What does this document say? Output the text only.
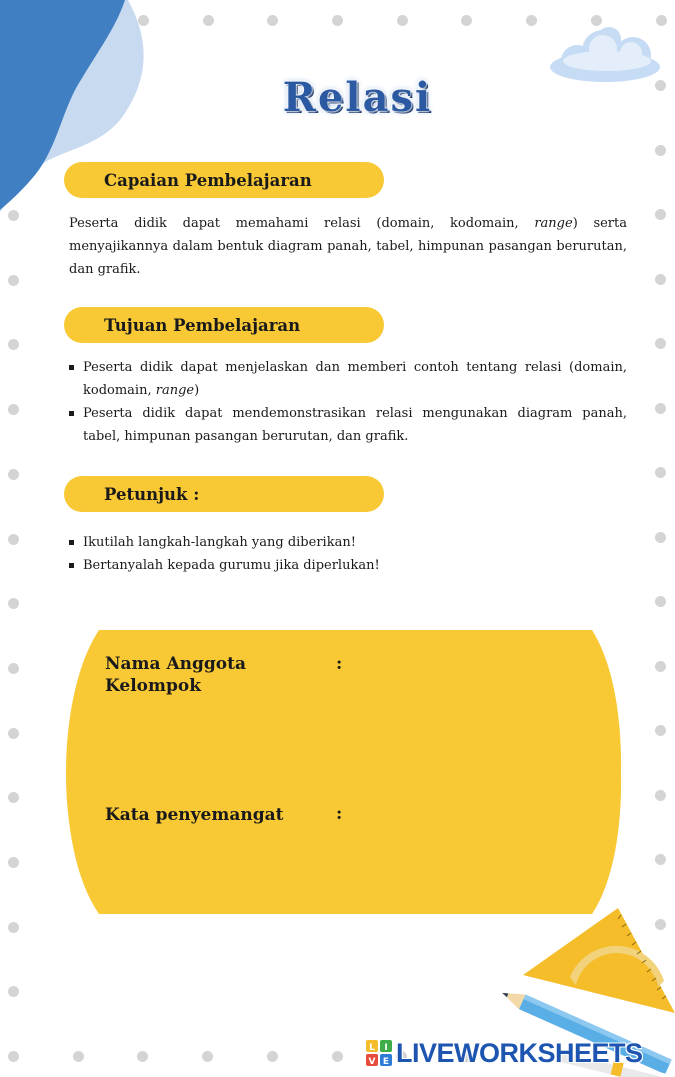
Relasi
Capaian Pembelajaran
Peserta didik dapat memahami relasi (domain, kodomain, range) serta menyajikannya dalam bentuk diagram panah, tabel, himpunan pasangan berurutan, dan grafik.
Tujuan Pembelajaran
Peserta didik dapat menjelaskan dan memberi contoh tentang relasi (domain, kodomain, range)
Peserta didik dapat mendemonstrasikan relasi mengunakan diagram panah, tabel, himpunan pasangan berurutan, dan grafik.
Petunjuk :
Ikutilah langkah-langkah yang diberikan!
Bertanyalah kepada gurumu jika diperlukan!
Nama Anggota
Kelompok
:
Kata penyemangat	:
L I
V E LIVEWORKSHEETS
